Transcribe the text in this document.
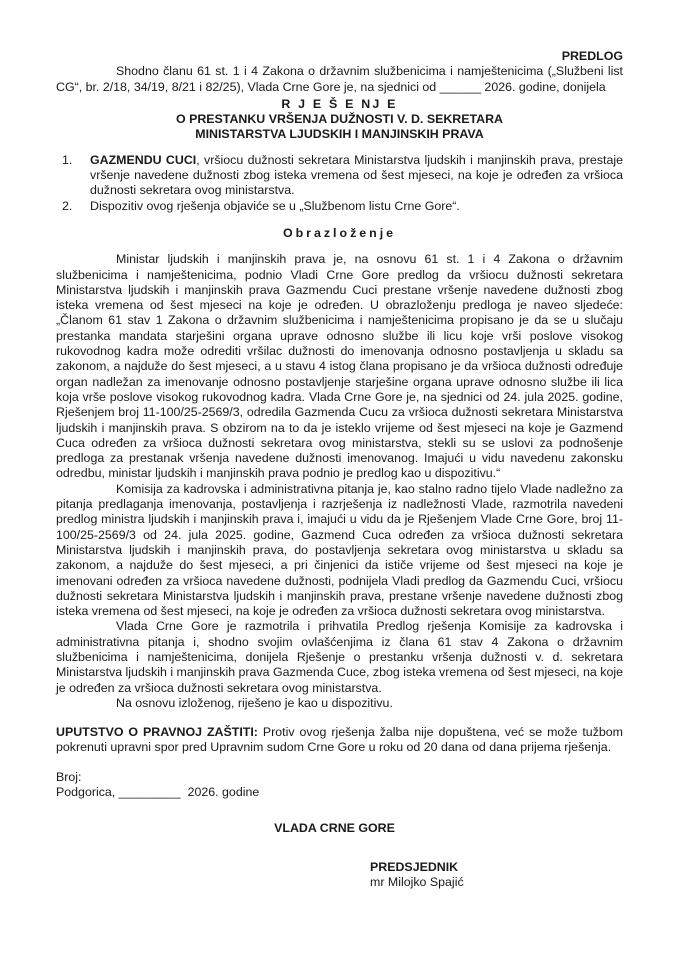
PREDLOG

Shodno članu 61 st. 1 i 4 Zakona o državnim službenicima i namještenicima („Službeni list CG“, br. 2/18, 34/19, 8/21 i 82/25), Vlada Crne Gore je, na sjednici od ______ 2026. godine, donijela

R J E Š E NJ E
O PRESTANKU VRŠENJA DUŽNOSTI V. D. SEKRETARA
MINISTARSTVA LJUDSKIH I MANJINSKIH PRAVA
1. GAZMENDU CUCI, vršiocu dužnosti sekretara Ministarstva ljudskih i manjinskih prava, prestaje vršenje navedene dužnosti zbog isteka vremena od šest mjeseci, na koje je određen za vršioca dužnosti sekretara ovog ministarstva.
2. Dispozitiv ovog rješenja objaviće se u „Službenom listu Crne Gore“.

Obrazloženje

Ministar ljudskih i manjinskih prava je, na osnovu 61 st. 1 i 4 Zakona o državnim službenicima i namještenicima, podnio Vladi Crne Gore predlog da vršiocu dužnosti sekretara Ministarstva ljudskih i manjinskih prava Gazmendu Cuci prestane vršenje navedene dužnosti zbog isteka vremena od šest mjeseci na koje je određen. U obrazloženju predloga je naveo sljedeće: „Članom 61 stav 1 Zakona o državnim službenicima i namještenicima propisano je da se u slučaju prestanka mandata starješini organa uprave odnosno službe ili licu koje vrši poslove visokog rukovodnog kadra može odrediti vršilac dužnosti do imenovanja odnosno postavljenja u skladu sa zakonom, a najduže do šest mjeseci, a u stavu 4 istog člana propisano je da vršioca dužnosti određuje organ nadležan za imenovanje odnosno postavljenje starješine organa uprave odnosno službe ili lica koja vrše poslove visokog rukovodnog kadra. Vlada Crne Gore je, na sjednici od 24. jula 2025. godine, Rješenjem broj 11-100/25-2569/3, odredila Gazmenda Cucu za vršioca dužnosti sekretara Ministarstva ljudskih i manjinskih prava. S obzirom na to da je isteklo vrijeme od šest mjeseci na koje je Gazmend Cuca određen za vršioca dužnosti sekretara ovog ministarstva, stekli su se uslovi za podnošenje predloga za prestanak vršenja navedene dužnosti imenovanog. Imajući u vidu navedenu zakonsku odredbu, ministar ljudskih i manjinskih prava podnio je predlog kao u dispozitivu.“

Komisija za kadrovska i administrativna pitanja je, kao stalno radno tijelo Vlade nadležno za pitanja predlaganja imenovanja, postavljenja i razrješenja iz nadležnosti Vlade, razmotrila navedeni predlog ministra ljudskih i manjinskih prava i, imajući u vidu da je Rješenjem Vlade Crne Gore, broj 11-100/25-2569/3 od 24. jula 2025. godine, Gazmend Cuca određen za vršioca dužnosti sekretara Ministarstva ljudskih i manjinskih prava, do postavljenja sekretara ovog ministarstva u skladu sa zakonom, a najduže do šest mjeseci, a pri činjenici da ističe vrijeme od šest mjeseci na koje je imenovani određen za vršioca navedene dužnosti, podnijela Vladi predlog da Gazmendu Cuci, vršiocu dužnosti sekretara Ministarstva ljudskih i manjinskih prava, prestane vršenje navedene dužnosti zbog isteka vremena od šest mjeseci, na koje je određen za vršioca dužnosti sekretara ovog ministarstva.

Vlada Crne Gore je razmotrila i prihvatila Predlog rješenja Komisije za kadrovska i administrativna pitanja i, shodno svojim ovlašćenjima iz člana 61 stav 4 Zakona o državnim službenicima i namještenicima, donijela Rješenje o prestanku vršenja dužnosti v. d. sekretara Ministarstva ljudskih i manjinskih prava Gazmenda Cuce, zbog isteka vremena od šest mjeseci, na koje je određen za vršioca dužnosti sekretara ovog ministarstva.

Na osnovu izloženog, riješeno je kao u dispozitivu.

UPUTSTVO O PRAVNOJ ZAŠTITI: Protiv ovog rješenja žalba nije dopuštena, već se može tužbom pokrenuti upravni spor pred Upravnim sudom Crne Gore u roku od 20 dana od dana prijema rješenja.

Broj:

Podgorica, _________  2026. godine

VLADA CRNE GORE

PREDSJEDNIK

mr Milojko Spajić
